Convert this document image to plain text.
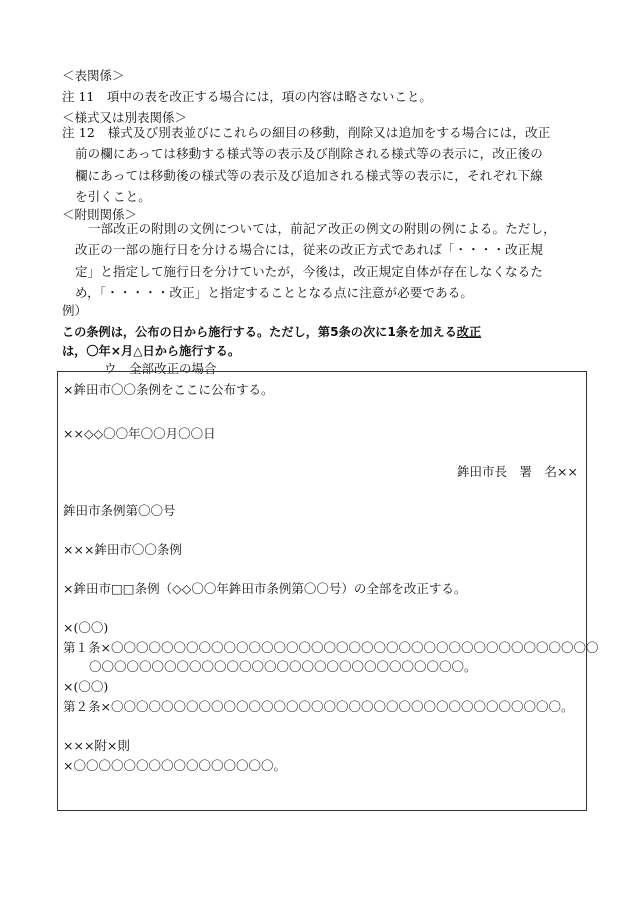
＜表関係＞
注 11　項中の表を改正する場合には，項の内容は略さないこと。
＜様式又は別表関係＞
注 12　様式及び別表並びにこれらの細目の移動，削除又は追加をする場合には，改正
前の欄にあっては移動する様式等の表示及び削除される様式等の表示に，改正後の
欄にあっては移動後の様式等の表示及び追加される様式等の表示に，それぞれ下線
を引くこと。
＜附則関係＞
一部改正の附則の文例については，前記ア改正の例文の附則の例による。ただし，
改正の一部の施行日を分ける場合には，従来の改正方式であれば「・・・・改正規
定」と指定して施行日を分けていたが，今後は，改正規定自体が存在しなくなるた
め，「・・・・・改正」と指定することとなる点に注意が必要である。
例）
この条例は，公布の日から施行する。ただし，第5条の次に1条を加える改正
は，〇年×月△日から施行する。
ウ　全部改正の場合
×鉾田市〇〇条例をここに公布する。
××◇◇〇〇年〇〇月〇〇日
鉾田市長　署　名××
鉾田市条例第〇〇号
×××鉾田市〇〇条例
×鉾田市□□条例（◇◇〇〇年鉾田市条例第〇〇号）の全部を改正する。
×(〇〇)
第１条×〇〇〇〇〇〇〇〇〇〇〇〇〇〇〇〇〇〇〇〇〇〇〇〇〇〇〇〇〇〇〇〇〇〇〇〇〇〇〇
〇〇〇〇〇〇〇〇〇〇〇〇〇〇〇〇〇〇〇〇〇〇〇〇〇〇〇〇〇〇。
×(〇〇)
第２条×〇〇〇〇〇〇〇〇〇〇〇〇〇〇〇〇〇〇〇〇〇〇〇〇〇〇〇〇〇〇〇〇〇〇〇〇。
×××附×則
×〇〇〇〇〇〇〇〇〇〇〇〇〇〇〇〇。
